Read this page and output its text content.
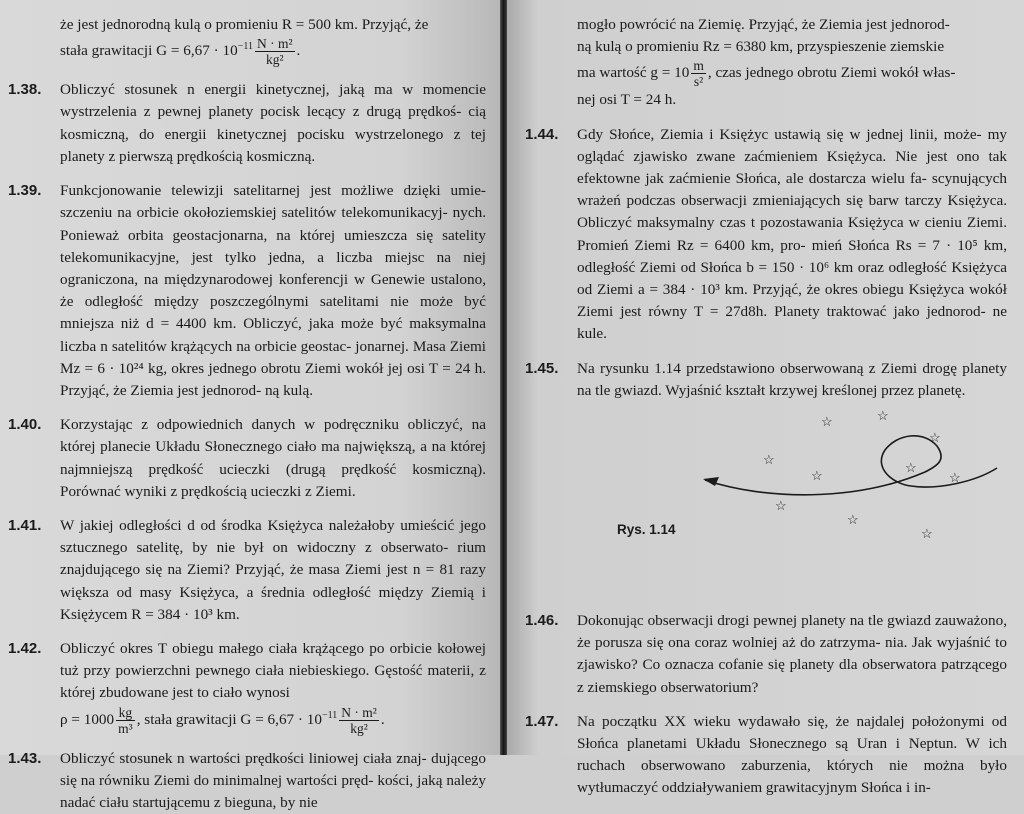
że jest jednorodną kulą o promieniu R = 500 km. Przyjąć, że
stała grawitacji $G = 6,67 \cdot 10^{-11} \frac{\text{N · m²}}{\text{kg²}}$ .
1.38. Obliczyć stosunek n energii kinetycznej, jaką ma w momencie wystrzelenia z pewnej planety pocisk lecący z drugą prędkoś- cią kosmiczną, do energii kinetycznej pocisku wystrzelonego z tej planety z pierwszą prędkością kosmiczną.
1.39. Funkcjonowanie telewizji satelitarnej jest możliwe dzięki umie- szczeniu na orbicie okołoziemskiej satelitów telekomunikacyj- nych. Ponieważ orbita geostacjonarna, na której umieszcza się satelity telekomunikacyjne, jest tylko jedna, a liczba miejsc na niej ograniczona, na międzynarodowej konferencji w Genewie ustalono, że odległość między poszczególnymi satelitami nie może być mniejsza niż d = 4400 km. Obliczyć, jaka może być maksymalna liczba n satelitów krążących na orbicie geostac- jonarnej. Masa Ziemi Mz = 6 · 10²⁴ kg, okres jednego obrotu Ziemi wokół jej osi T = 24 h. Przyjąć, że Ziemia jest jednorod- ną kulą.
1.40. Korzystając z odpowiednich danych w podręczniku obliczyć, na której planecie Układu Słonecznego ciało ma największą, a na której najmniejszą prędkość ucieczki (drugą prędkość kosmiczną). Porównać wyniki z prędkością ucieczki z Ziemi.
1.41. W jakiej odległości d od środka Księżyca należałoby umieścić jego sztucznego satelitę, by nie był on widoczny z obserwato- rium znajdującego się na Ziemi? Przyjąć, że masa Ziemi jest n = 81 razy większa od masy Księżyca, a średnia odległość między Ziemią i Księżycem R = 384 · 10³ km.
1.42. Obliczyć okres T obiegu małego ciała krążącego po orbicie kołowej tuż przy powierzchni pewnego ciała niebieskiego. Gęstość materii, z której zbudowane jest to ciało wynosi
$\rho = 1000 \frac{kg}{\text{m³}}$ , stała grawitacji $G = 6,67 \cdot 10^{-11} \frac{\text{N · m²}}{\text{kg²}}$ .
1.43. Obliczyć stosunek n wartości prędkości liniowej ciała znaj- dującego się na równiku Ziemi do minimalnej wartości pręd- kości, jaką należy nadać ciału startującemu z bieguna, by nie
mogło powrócić na Ziemię. Przyjąć, że Ziemia jest jednorod-
ną kulą o promieniu Rz = 6380 km, przyspieszenie ziemskie
ma wartość $g = 10 \frac{m}{\text{s²}}$ , czas jednego obrotu Ziemi wokół włas-
nej osi T = 24 h.
1.44. Gdy Słońce, Ziemia i Księżyc ustawią się w jednej linii, może- my oglądać zjawisko zwane zaćmieniem Księżyca. Nie jest ono tak efektowne jak zaćmienie Słońca, ale dostarcza wielu fa- scynujących wrażeń podczas obserwacji zmieniających się barw tarczy Księżyca. Obliczyć maksymalny czas t pozostawania Księżyca w cieniu Ziemi. Promień Ziemi Rz = 6400 km, pro- mień Słońca Rs = 7 · 10⁵ km, odległość Ziemi od Słońca b = 150 · 10⁶ km oraz odległość Księżyca od Ziemi a = 384 · 10³ km. Przyjąć, że okres obiegu Księżyca wokół Ziemi jest równy T = 27d8h. Planety traktować jako jednorod- ne kule.
1.45. Na rysunku 1.14 przedstawiono obserwowaną z Ziemi drogę planety na tle gwiazd. Wyjaśnić kształt krzywej kreślonej przez planetę.
Rys. 1.14
☆
☆
☆	☆
☆
☆
☆
☆
☆
☆
1.46. Dokonując obserwacji drogi pewnej planety na tle gwiazd zauważono, że porusza się ona coraz wolniej aż do zatrzyma- nia. Jak wyjaśnić to zjawisko? Co oznacza cofanie się planety dla obserwatora patrzącego z ziemskiego obserwatorium?
1.47. Na początku XX wieku wydawało się, że najdalej położonymi od Słońca planetami Układu Słonecznego są Uran i Neptun. W ich ruchach obserwowano zaburzenia, których nie można było wytłumaczyć oddziaływaniem grawitacyjnym Słońca i in-
